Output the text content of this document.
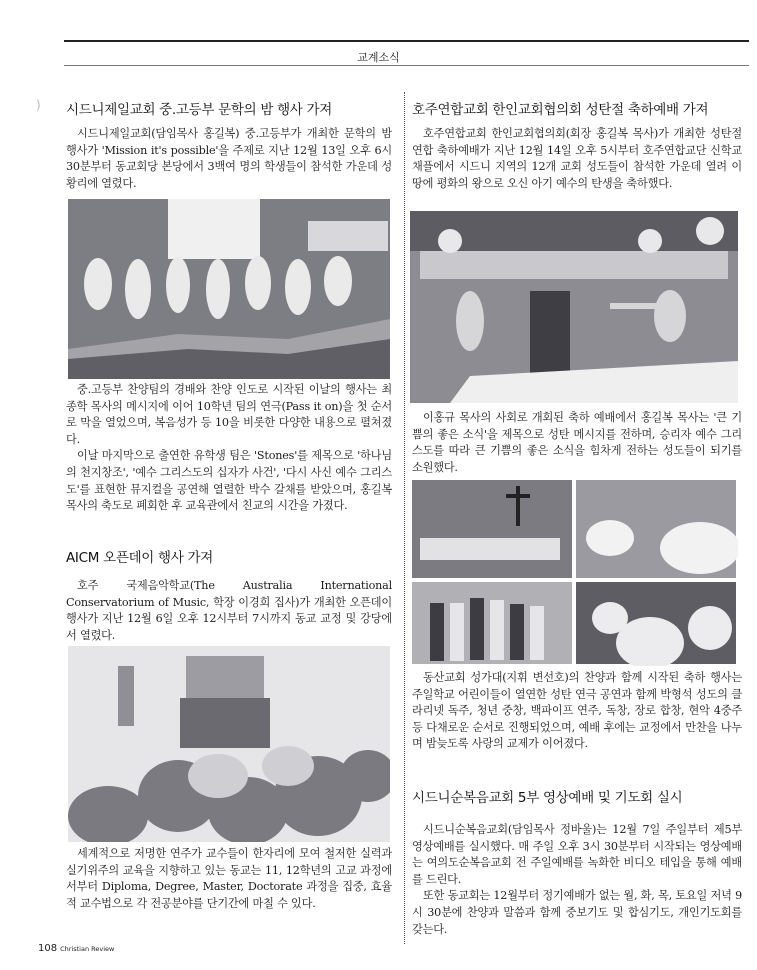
교계소식
) 시드니제일교회 중.고등부 문학의 밤 행사 가져

시드니제일교회(담임목사 홍길복) 중.고등부가 개최한 문학의 밤 행사가 'Mission it's possible'을 주제로 지난 12월 13일 오후 6시 30분부터 동교회당 본당에서 3백여 명의 학생들이 참석한 가운데 성황리에 열렸다.

중.고등부 찬양팀의 경배와 찬양 인도로 시작된 이날의 행사는 최종학 목사의 메시지에 이어 10학년 팀의 연극(Pass it on)을 첫 순서로 막을 열었으며, 복음성가 등 10을 비롯한 다양한 내용으로 펼쳐졌다.

이날 마지막으로 출연한 유학생 팀은 'Stones'를 제목으로 '하나님의 천지창조', '예수 그리스도의 십자가 사건', '다시 사신 예수 그리스도'를 표현한 뮤지컬을 공연해 열렬한 박수 갈채를 받았으며, 홍길복 목사의 축도로 폐회한 후 교육관에서 친교의 시간을 가졌다.

AICM 오픈데이 행사 가져

호주 국제음악학교(The Australia International Conservatorium of Music, 학장 이경희 집사)가 개최한 오픈데이 행사가 지난 12월 6일 오후 12시부터 7시까지 동교 교정 및 강당에서 열렸다.

세계적으로 저명한 연주가 교수들이 한자리에 모여 철저한 실력과 실기위주의 교육을 지향하고 있는 동교는 11, 12학년의 고교 과정에서부터 Diploma, Degree, Master, Doctorate 과정을 집중, 효율적 교수법으로 각 전공분야를 단기간에 마칠 수 있다.

호주연합교회 한인교회협의회 성탄절 축하예배 가져

호주연합교회 한인교회협의회(회장 홍길복 목사)가 개최한 성탄절 연합 축하예배가 지난 12월 14일 오후 5시부터 호주연합교단 신학교 채플에서 시드니 지역의 12개 교회 성도들이 참석한 가운데 열려 이 땅에 평화의 왕으로 오신 아기 예수의 탄생을 축하했다.

이홍규 목사의 사회로 개회된 축하 예배에서 홍길복 목사는 '큰 기쁨의 좋은 소식'을 제목으로 성탄 메시지를 전하며, 승리자 예수 그리스도를 따라 큰 기쁨의 좋은 소식을 힘차게 전하는 성도들이 되기를 소원했다.

동산교회 성가대(지휘 변선호)의 찬양과 함께 시작된 축하 행사는 주일학교 어린이들이 열연한 성탄 연극 공연과 함께 박형석 성도의 클라리넷 독주, 청년 중창, 백파이프 연주, 독창, 장로 합창, 현악 4중주 등 다채로운 순서로 진행되었으며, 예배 후에는 교정에서 만찬을 나누며 밤늦도록 사랑의 교제가 이어졌다.

시드니순복음교회 5부 영상예배 및 기도회 실시

시드니순복음교회(담임목사 정바울)는 12월 7일 주일부터 제5부 영상예배를 실시했다. 매 주일 오후 3시 30분부터 시작되는 영상예배는 여의도순복음교회 전 주일예배를 녹화한 비디오 테입을 통해 예배를 드린다.

또한 동교회는 12월부터 정기예배가 없는 월, 화, 목, 토요일 저녁 9시 30분에 찬양과 말씀과 함께 중보기도 및 합심기도, 개인기도회를 갖는다.

108 Christian Review
